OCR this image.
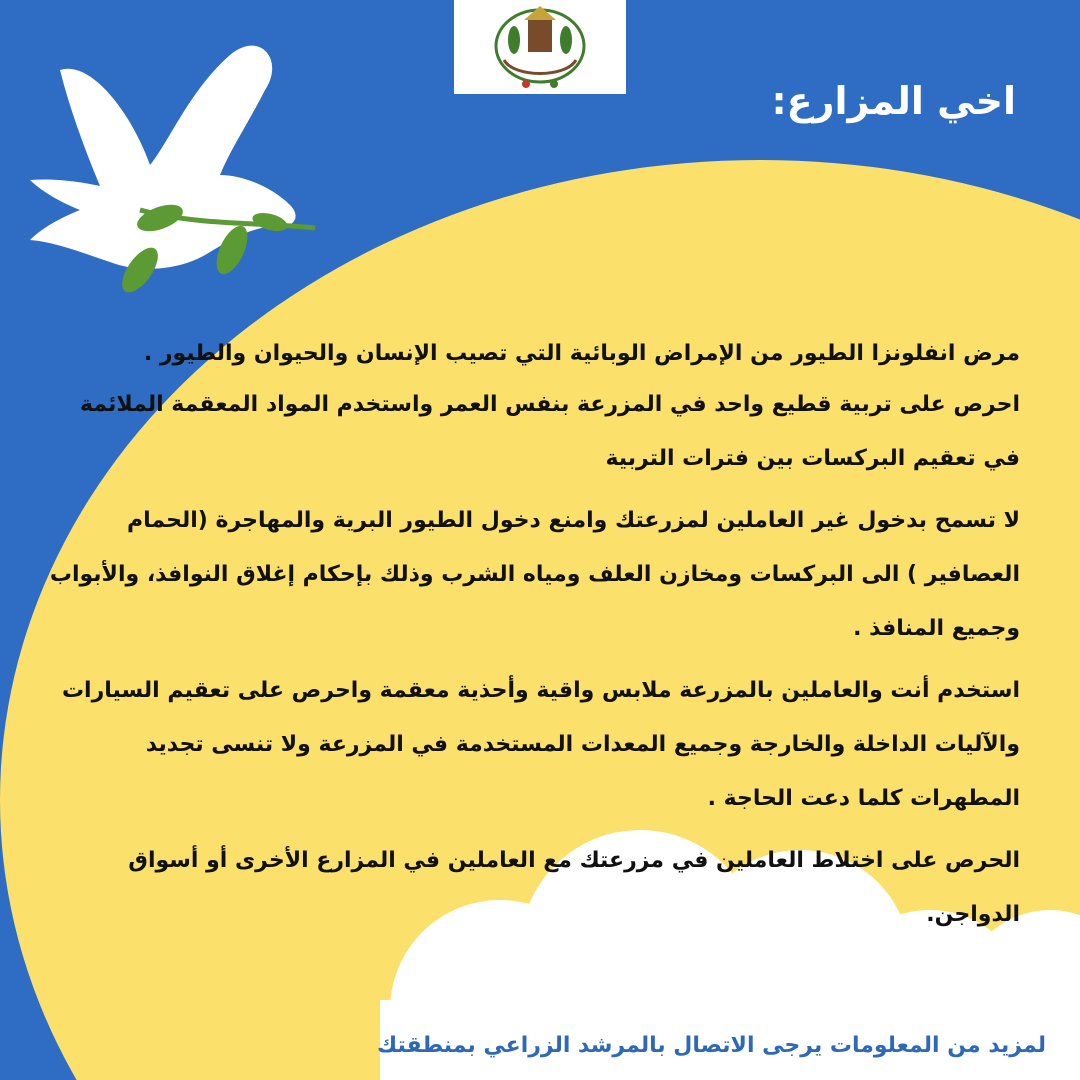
اخي المزارع:

مرض انفلونزا الطيور من الإمراض الوبائية التي تصيب الإنسان والحيوان والطيور .

احرص على تربية قطيع واحد في المزرعة بنفس العمر واستخدم المواد المعقمة الملائمة في تعقيم البركسات بين فترات التربية

لا تسمح بدخول غير العاملين لمزرعتك وامنع دخول الطيور البرية والمهاجرة (الحمام العصافير ) الى البركسات ومخازن العلف ومياه الشرب وذلك بإحكام إغلاق النوافذ، والأبواب وجميع المنافذ .

استخدم أنت والعاملين بالمزرعة ملابس واقية وأحذية معقمة واحرص على تعقيم السيارات والآليات الداخلة والخارجة وجميع المعدات المستخدمة في المزرعة ولا تنسى تجديد المطهرات كلما دعت الحاجة .

الحرص على اختلاط العاملين في مزرعتك مع العاملين في المزارع الأخرى أو أسواق الدواجن.

لمزيد من المعلومات يرجى الاتصال بالمرشد الزراعي بمنطقتك
